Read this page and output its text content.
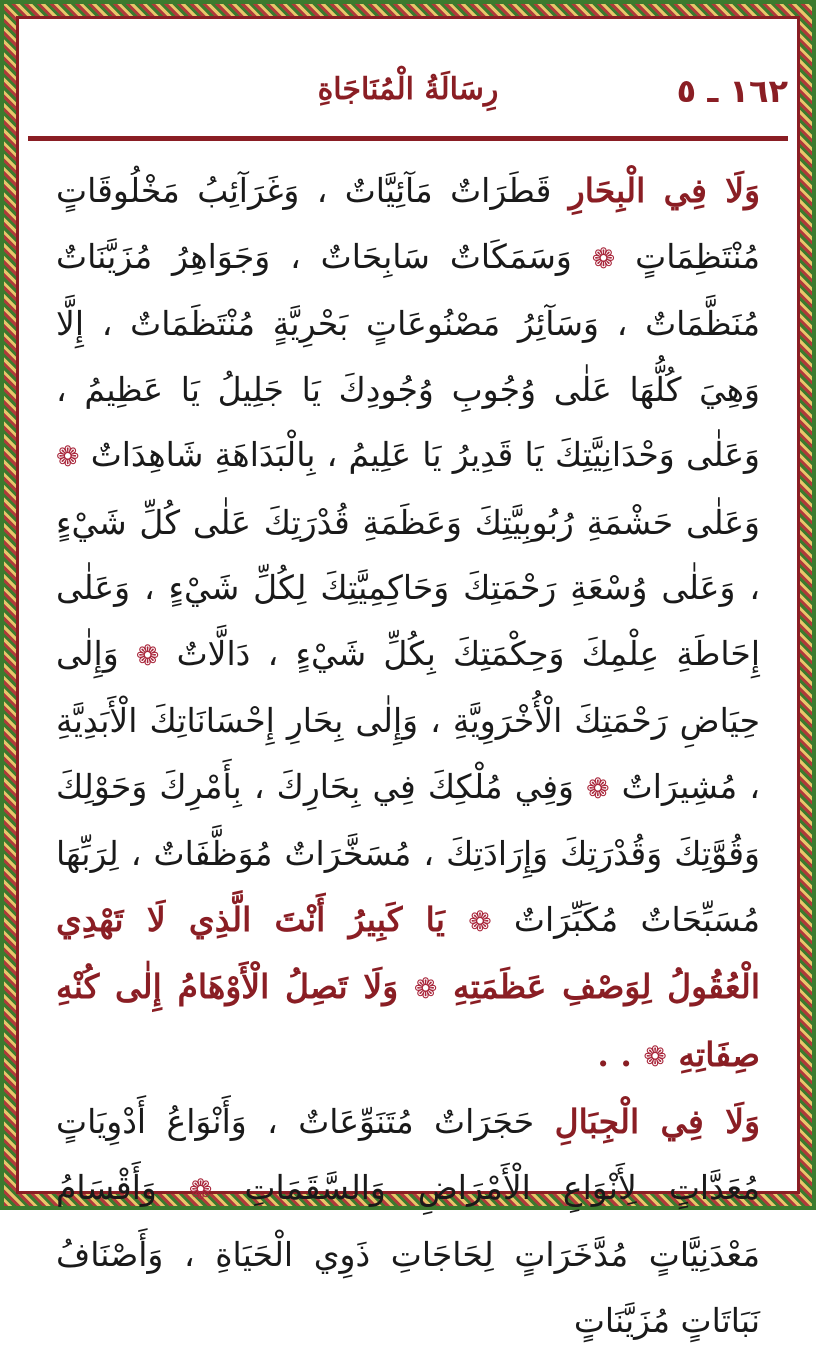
١٦٢ ـ ٥
رِسَالَةُ الْمُنَاجَاةِ

وَلَا فِي الْبِحَارِ قَطَرَاتٌ مَآئِيَّاتٌ ، وَغَرَآئِبُ مَخْلُوقَاتٍ مُنْتَظِمَاتٍ ❁ وَسَمَكَاتٌ سَابِحَاتٌ ، وَجَوَاهِرُ مُزَيَّنَاتٌ مُنَظَّمَاتٌ ، وَسَآئِرُ مَصْنُوعَاتٍ بَحْرِيَّةٍ مُنْتَظَمَاتٌ ، إِلَّا وَهِيَ كُلُّهَا عَلٰى وُجُوبِ وُجُودِكَ يَا جَلِيلُ يَا عَظِيمُ ، وَعَلٰى وَحْدَانِيَّتِكَ يَا قَدِيرُ يَا عَلِيمُ ، بِالْبَدَاهَةِ شَاهِدَاتٌ ❁ وَعَلٰى حَشْمَةِ رُبُوبِيَّتِكَ وَعَظَمَةِ قُدْرَتِكَ عَلٰى كُلِّ شَيْءٍ ، وَعَلٰى وُسْعَةِ رَحْمَتِكَ وَحَاكِمِيَّتِكَ لِكُلِّ شَيْءٍ ، وَعَلٰى إِحَاطَةِ عِلْمِكَ وَحِكْمَتِكَ بِكُلِّ شَيْءٍ ، دَالَّاتٌ ❁ وَإِلٰى حِيَاضِ رَحْمَتِكَ الْأُخْرَوِيَّةِ ، وَإِلٰى بِحَارِ إِحْسَانَاتِكَ الْأَبَدِيَّةِ ، مُشِيرَاتٌ ❁ وَفِي مُلْكِكَ فِي بِحَارِكَ ، بِأَمْرِكَ وَحَوْلِكَ وَقُوَّتِكَ وَقُدْرَتِكَ وَإِرَادَتِكَ ، مُسَخَّرَاتٌ مُوَظَّفَاتٌ ، لِرَبِّهَا مُسَبِّحَاتٌ مُكَبِّرَاتٌ ❁ يَا كَبِيرُ أَنْتَ الَّذِي لَا تَهْدِي الْعُقُولُ لِوَصْفِ عَظَمَتِهِ ❁ وَلَا تَصِلُ الْأَوْهَامُ إِلٰى كُنْهِ صِفَاتِهِ ❁ . .

وَلَا فِي الْجِبَالِ حَجَرَاتٌ مُتَنَوِّعَاتٌ ، وَأَنْوَاعُ أَدْوِيَاتٍ مُعَدَّاتٍ لِأَنْوَاعِ الْأَمْرَاضِ وَالسَّقَمَاتِ ❁ وَأَقْسَامُ مَعْدَنِيَّاتٍ مُدَّخَرَاتٍ لِحَاجَاتِ ذَوِي الْحَيَاةِ ، وَأَصْنَافُ نَبَاتَاتٍ مُزَيَّنَاتٍ
